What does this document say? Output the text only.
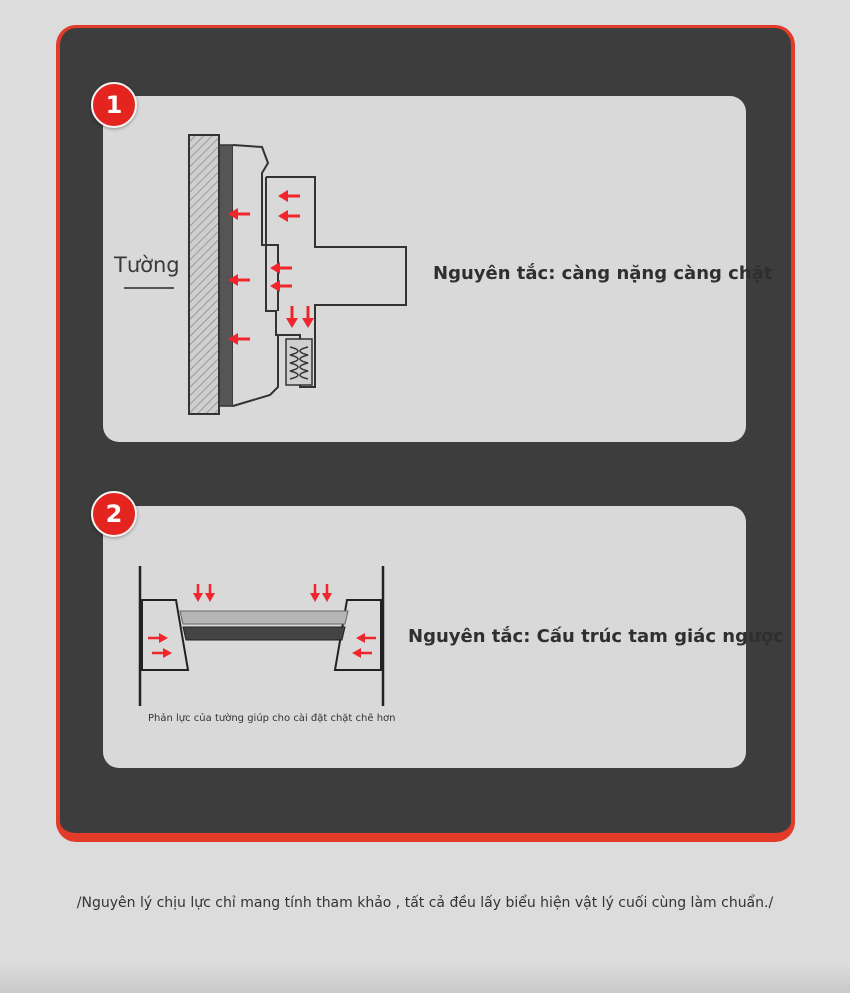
1
Tường	Nguyên tắc: càng nặng càng chặt
2
Phản lực của tường giúp cho cài đặt chặt chẽ hơn
Nguyên tắc: Cấu trúc tam giác ngược
/Nguyên lý chịu lực chỉ mang tính tham khảo , tất cả đều lấy biểu hiện vật lý cuối cùng làm chuẩn./
